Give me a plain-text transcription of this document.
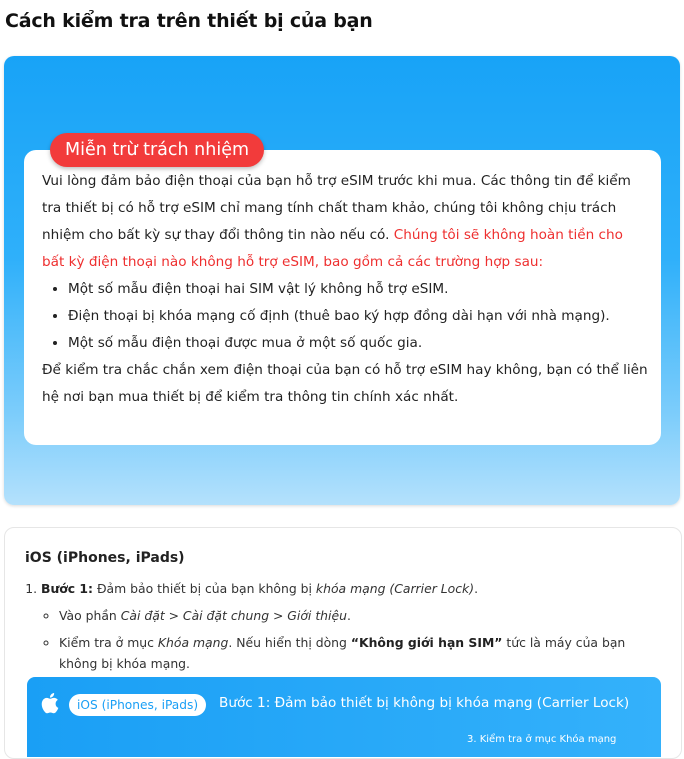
Cách kiểm tra trên thiết bị của bạn
Miễn trừ trách nhiệm

Vui lòng đảm bảo điện thoại của bạn hỗ trợ eSIM trước khi mua. Các thông tin để kiểm tra thiết bị có hỗ trợ eSIM chỉ mang tính chất tham khảo, chúng tôi không chịu trách nhiệm cho bất kỳ sự thay đổi thông tin nào nếu có. Chúng tôi sẽ không hoàn tiền cho bất kỳ điện thoại nào không hỗ trợ eSIM, bao gồm cả các trường hợp sau:

• Một số mẫu điện thoại hai SIM vật lý không hỗ trợ eSIM.
• Điện thoại bị khóa mạng cố định (thuê bao ký hợp đồng dài hạn với nhà mạng).
• Một số mẫu điện thoại được mua ở một số quốc gia.

Để kiểm tra chắc chắn xem điện thoại của bạn có hỗ trợ eSIM hay không, bạn có thể liên hệ nơi bạn mua thiết bị để kiểm tra thông tin chính xác nhất.

iOS (iPhones, iPads)
1. Bước 1: Đảm bảo thiết bị của bạn không bị khóa mạng (Carrier Lock).
◦ Vào phần Cài đặt > Cài đặt chung > Giới thiệu.
◦ Kiểm tra ở mục Khóa mạng. Nếu hiển thị dòng “Không giới hạn SIM” tức là máy của bạn không bị khóa mạng.
iOS (iPhones, iPads)	Bước 1: Đảm bảo thiết bị không bị khóa mạng (Carrier Lock)
3. Kiểm tra ở mục Khóa mạng
